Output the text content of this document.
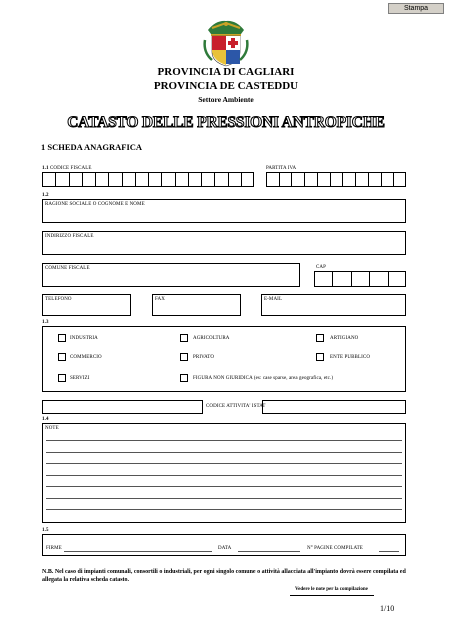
Stampa
PROVINCIA DI CAGLIARI
PROVINCIA DE CASTEDDU
Settore Ambiente
CATASTO DELLE PRESSIONI ANTROPICHE
1 SCHEDA ANAGRAFICA
1.1 CODICE FISCALE	PARTITA IVA
1.2
RAGIONE SOCIALE O COGNOME E NOME
INDIRIZZO FISCALE
COMUNE FISCALE	CAP
TELEFONO	FAX	E-MAIL
1.3
INDUSTRIA	AGRICOLTURA	ARTIGIANO
COMMERCIO	PRIVATO	ENTE PUBBLICO
SERVIZI	FIGURA NON GIURIDICA (es: case sparse, area geografica, etc.)
CODICE ATTIVITA' ISTAT
1.4
NOTE
1.5
FIRME	DATA	N° PAGINE COMPILATE
N.B. Nel caso di impianti comunali, consortili o industriali, per ogni singolo comune o attività allacciata all'impianto dovrà essere compilata ed allegata la relativa scheda catasto.
Vedere le note per la compilazione
1/10
